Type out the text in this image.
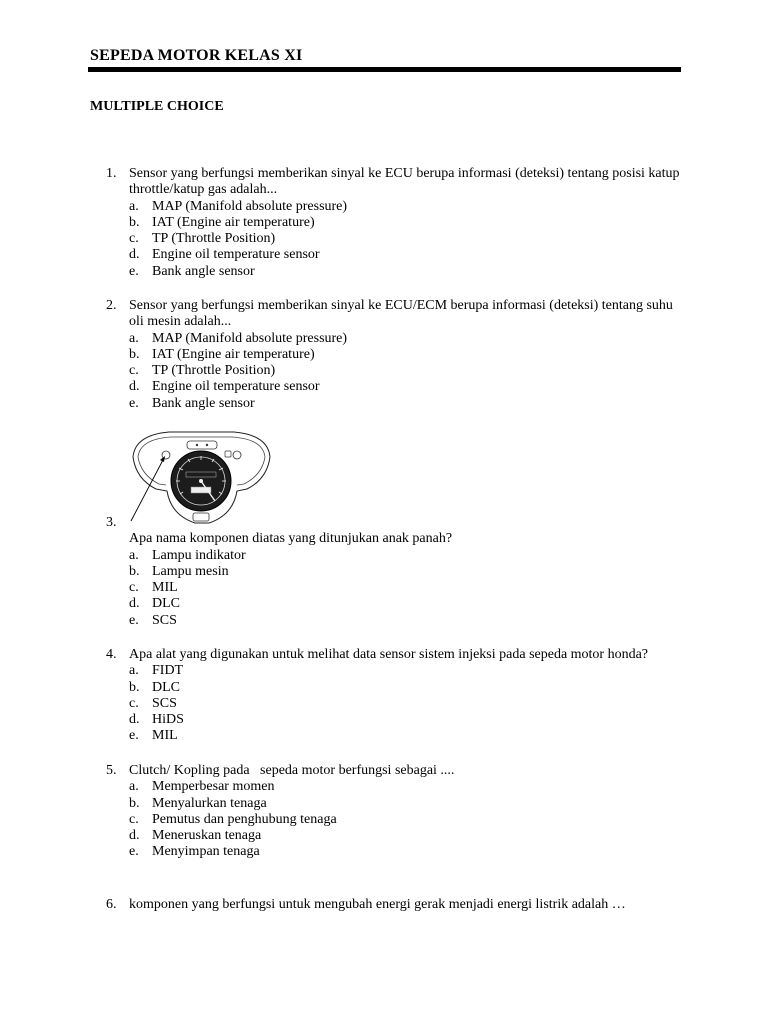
SEPEDA MOTOR KELAS XI
MULTIPLE CHOICE
1. Sensor yang berfungsi memberikan sinyal ke ECU berupa informasi (deteksi) tentang posisi katup
throttle/katup gas adalah...
a. MAP (Manifold absolute pressure)
b. IAT (Engine air temperature)
c. TP (Throttle Position)
d. Engine oil temperature sensor
e. Bank angle sensor
2. Sensor yang berfungsi memberikan sinyal ke ECU/ECM berupa informasi (deteksi) tentang suhu
oli mesin adalah...
a. MAP (Manifold absolute pressure)
b. IAT (Engine air temperature)
c. TP (Throttle Position)
d. Engine oil temperature sensor
e. Bank angle sensor
3.
Apa nama komponen diatas yang ditunjukan anak panah?
a. Lampu indikator
b. Lampu mesin
c. MIL
d. DLC
e. SCS
4. Apa alat yang digunakan untuk melihat data sensor sistem injeksi pada sepeda motor honda?
a. FIDT
b. DLC
c. SCS
d. HiDS
e. MIL
5. Clutch/ Kopling pada   sepeda motor berfungsi sebagai ....
a. Memperbesar momen
b. Menyalurkan tenaga
c. Pemutus dan penghubung tenaga
d. Meneruskan tenaga
e. Menyimpan tenaga
6. komponen yang berfungsi untuk mengubah energi gerak menjadi energi listrik adalah …
